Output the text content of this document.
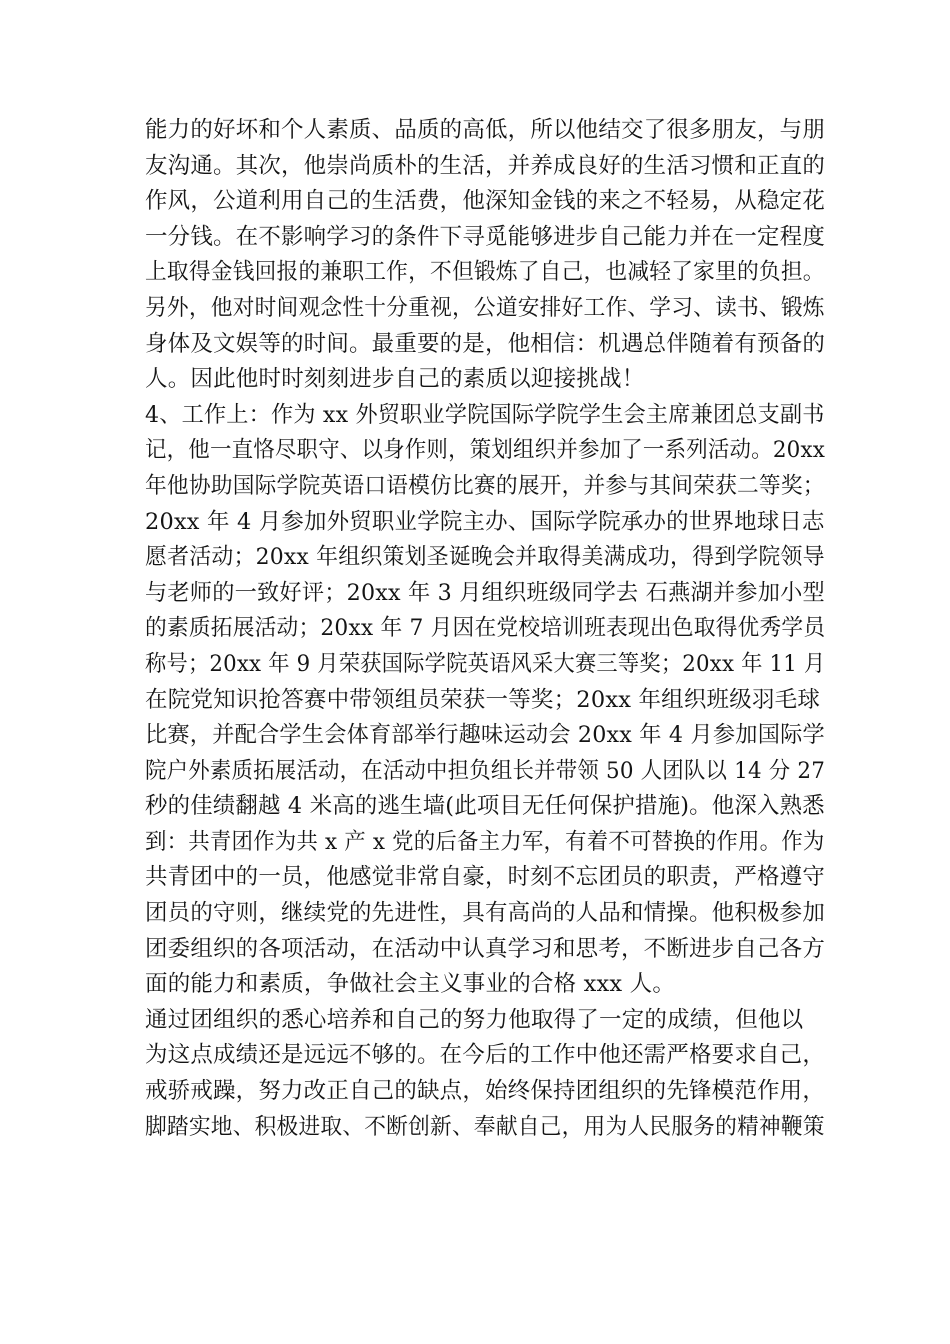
能力的好坏和个人素质、品质的高低，所以他结交了很多朋友，与朋
友沟通。其次，他崇尚质朴的生活，并养成良好的生活习惯和正直的
作风，公道利用自己的生活费，他深知金钱的来之不轻易，从稳定花
一分钱。在不影响学习的条件下寻觅能够进步自己能力并在一定程度
上取得金钱回报的兼职工作，不但锻炼了自己，也减轻了家里的负担。
另外，他对时间观念性十分重视，公道安排好工作、学习、读书、锻炼
身体及文娱等的时间。最重要的是，他相信：机遇总伴随着有预备的
人。因此他时时刻刻进步自己的素质以迎接挑战！
4、工作上：作为 xx 外贸职业学院国际学院学生会主席兼团总支副书
记，他一直恪尽职守、以身作则，策划组织并参加了一系列活动。20xx
年他协助国际学院英语口语模仿比赛的展开，并参与其间荣获二等奖；
20xx 年 4 月参加外贸职业学院主办、国际学院承办的世界地球日志
愿者活动；20xx 年组织策划圣诞晚会并取得美满成功，得到学院领导
与老师的一致好评；20xx 年 3 月组织班级同学去 石燕湖并参加小型
的素质拓展活动；20xx 年 7 月因在党校培训班表现出色取得优秀学员
称号；20xx 年 9 月荣获国际学院英语风采大赛三等奖；20xx 年 11 月
在院党知识抢答赛中带领组员荣获一等奖；20xx 年组织班级羽毛球
比赛，并配合学生会体育部举行趣味运动会 20xx 年 4 月参加国际学
院户外素质拓展活动，在活动中担负组长并带领 50 人团队以 14 分 27
秒的佳绩翻越 4 米高的逃生墙(此项目无任何保护措施)。他深入熟悉
到：共青团作为共 x 产 x 党的后备主力军，有着不可替换的作用。作为
共青团中的一员，他感觉非常自豪，时刻不忘团员的职责，严格遵守
团员的守则，继续党的先进性，具有高尚的人品和情操。他积极参加
团委组织的各项活动，在活动中认真学习和思考，不断进步自己各方
面的能力和素质，争做社会主义事业的合格 xxx 人。
通过团组织的悉心培养和自己的努力他取得了一定的成绩，但他以
为这点成绩还是远远不够的。在今后的工作中他还需严格要求自己，
戒骄戒躁，努力改正自己的缺点，始终保持团组织的先锋模范作用，
脚踏实地、积极进取、不断创新、奉献自己，用为人民服务的精神鞭策
